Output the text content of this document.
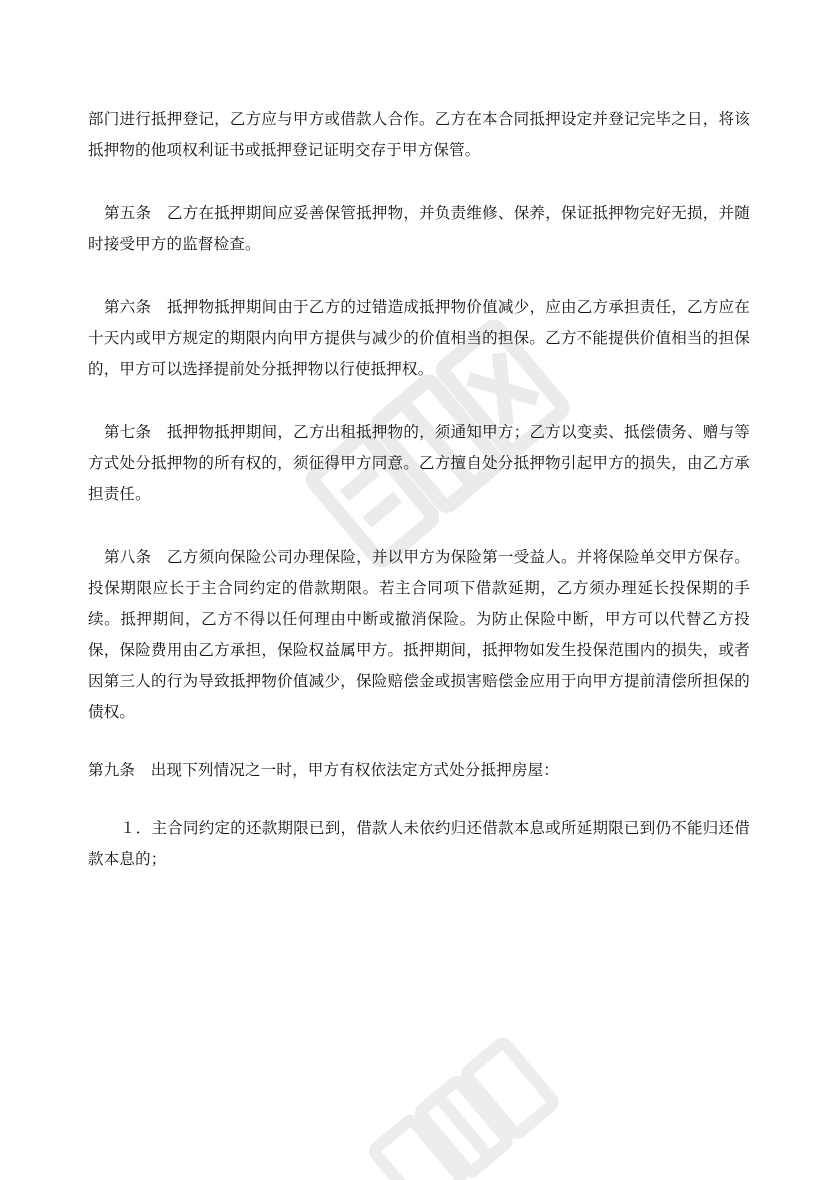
部门进行抵押登记，乙方应与甲方或借款人合作。乙方在本合同抵押设定并登记完毕之日，将该抵押物的他项权利证书或抵押登记证明交存于甲方保管。

第五条　乙方在抵押期间应妥善保管抵押物，并负责维修、保养，保证抵押物完好无损，并随时接受甲方的监督检查。

第六条　抵押物抵押期间由于乙方的过错造成抵押物价值减少，应由乙方承担责任，乙方应在十天内或甲方规定的期限内向甲方提供与减少的价值相当的担保。乙方不能提供价值相当的担保的，甲方可以选择提前处分抵押物以行使抵押权。

第七条　抵押物抵押期间，乙方出租抵押物的，须通知甲方；乙方以变卖、抵偿债务、赠与等方式处分抵押物的所有权的，须征得甲方同意。乙方擅自处分抵押物引起甲方的损失，由乙方承担责任。

第八条　乙方须向保险公司办理保险，并以甲方为保险第一受益人。并将保险单交甲方保存。投保期限应长于主合同约定的借款期限。若主合同项下借款延期，乙方须办理延长投保期的手续。抵押期间，乙方不得以任何理由中断或撤消保险。为防止保险中断，甲方可以代替乙方投保，保险费用由乙方承担，保险权益属甲方。抵押期间，抵押物如发生投保范围内的损失，或者因第三人的行为导致抵押物价值减少，保险赔偿金或损害赔偿金应用于向甲方提前清偿所担保的债权。

第九条　出现下列情况之一时，甲方有权依法定方式处分抵押房屋：

１．主合同约定的还款期限已到，借款人未依约归还借款本息或所延期限已到仍不能归还借款本息的；
